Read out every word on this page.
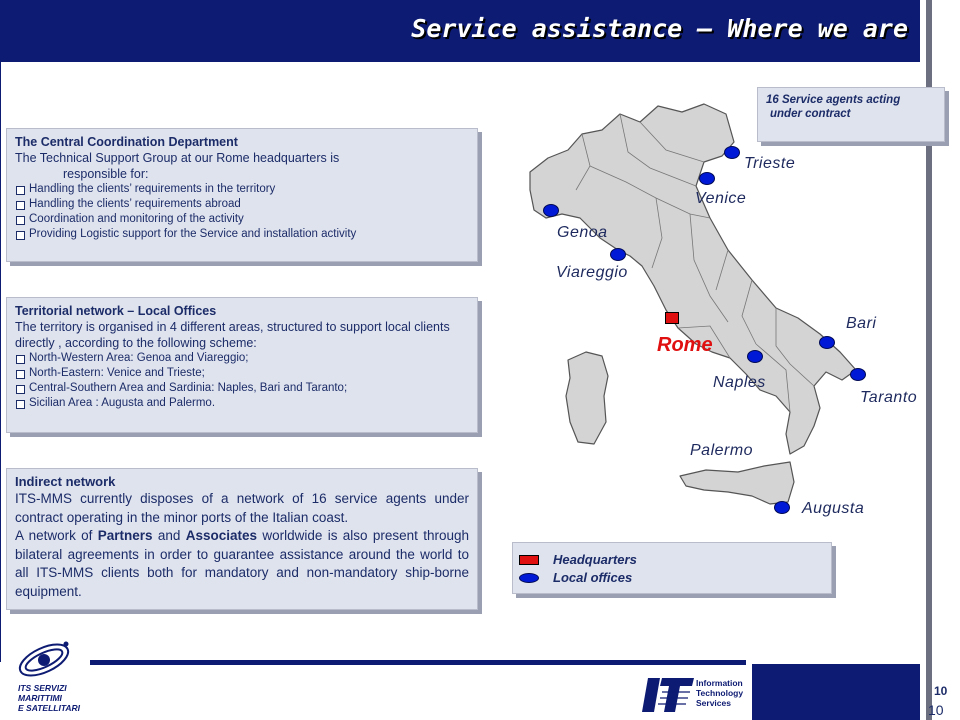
Service assistance – Where we are
The Central Coordination Department
The Technical Support Group at our Rome headquarters is
responsible for:
Handling the clients’ requirements in the territory
Handling the clients’ requirements abroad
Coordination and monitoring of the activity
Providing Logistic support for the Service and installation activity
Territorial network – Local Offices
The territory is organised in 4 different areas, structured to support local clients directly , according to the following scheme:
North-Western Area: Genoa and Viareggio;
North-Eastern: Venice and Trieste;
Central-Southern Area and Sardinia: Naples, Bari and Taranto;
Sicilian Area : Augusta and Palermo.
Indirect network
ITS-MMS currently disposes of a network of 16 service agents under contract operating in the minor ports of the Italian coast.
A network of Partners and Associates worldwide is also present through bilateral agreements in order to guarantee assistance around the world to all ITS-MMS clients both for mandatory and non-mandatory ship-borne equipment.
16 Service agents acting
under contract
Trieste
Venice
Genoa
Viareggio
Bari
Rome
Naples
Taranto
Palermo
Augusta
Headquarters
Local offices
10
10
ITS SERVIZI
MARITTIMI
E SATELLITARI
Information
Technology
Services
